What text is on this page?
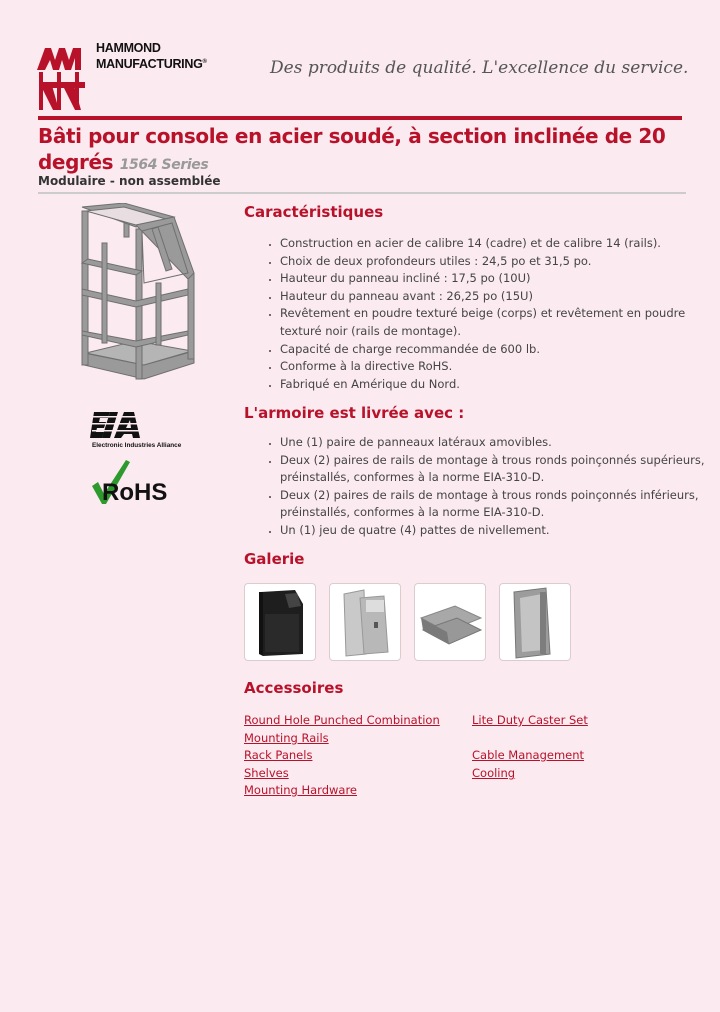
HAMMOND
MANUFACTURING®	Des produits de qualité. L'excellence du service.
Bâti pour console en acier soudé, à section inclinée de 20 degrés 1564 Series
Modulaire - non assemblée
Electronic Industries Alliance
RoHS
Caractéristiques
• Construction en acier de calibre 14 (cadre) et de calibre 14 (rails).
• Choix de deux profondeurs utiles : 24,5 po et 31,5 po.
• Hauteur du panneau incliné : 17,5 po (10U)
• Hauteur du panneau avant : 26,25 po (15U)
• Revêtement en poudre texturé beige (corps) et revêtement en poudre texturé noir (rails de montage).
• Capacité de charge recommandée de 600 lb.
• Conforme à la directive RoHS.
• Fabriqué en Amérique du Nord.
L'armoire est livrée avec :
• Une (1) paire de panneaux latéraux amovibles.
• Deux (2) paires de rails de montage à trous ronds poinçonnés supérieurs, préinstallés, conformes à la norme EIA-310-D.
• Deux (2) paires de rails de montage à trous ronds poinçonnés inférieurs, préinstallés, conformes à la norme EIA-310-D.
• Un (1) jeu de quatre (4) pattes de nivellement.
Galerie
Accessoires
Round Hole Punched Combination
Mounting Rails
Rack Panels
Shelves
Mounting Hardware
Lite Duty Caster Set
Cable Management
Cooling
